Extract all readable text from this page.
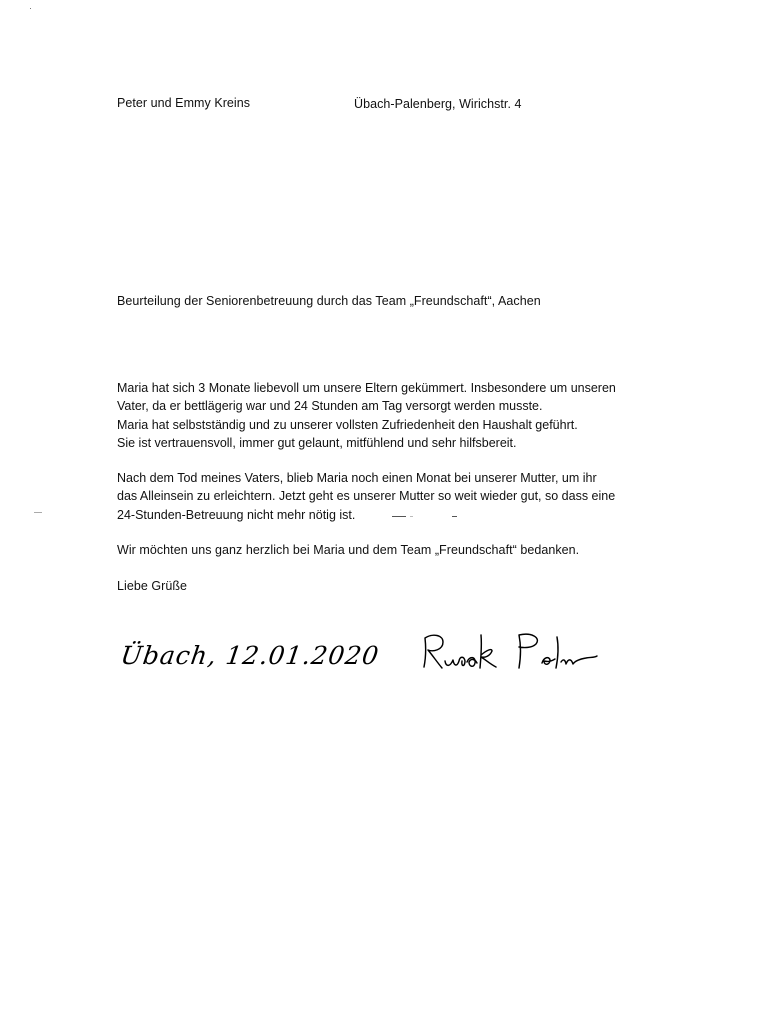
Peter und Emmy Kreins	Übach-Palenberg, Wirichstr. 4
Beurteilung der Seniorenbetreuung durch das Team „Freundschaft“, Aachen
Maria hat sich 3 Monate liebevoll um unsere Eltern gekümmert. Insbesondere um unseren
Vater, da er bettlägerig war und 24 Stunden am Tag versorgt werden musste.
Maria hat selbstständig und zu unserer vollsten Zufriedenheit den Haushalt geführt.
Sie ist vertrauensvoll, immer gut gelaunt, mitfühlend und sehr hilfsbereit.
Nach dem Tod meines Vaters, blieb Maria noch einen Monat bei unserer Mutter, um ihr
das Alleinsein zu erleichtern. Jetzt geht es unserer Mutter so weit wieder gut, so dass eine
24-Stunden-Betreuung nicht mehr nötig ist.
Wir möchten uns ganz herzlich bei Maria und dem Team „Freundschaft“ bedanken.
Liebe Grüße
Übach, 12.01.2020
